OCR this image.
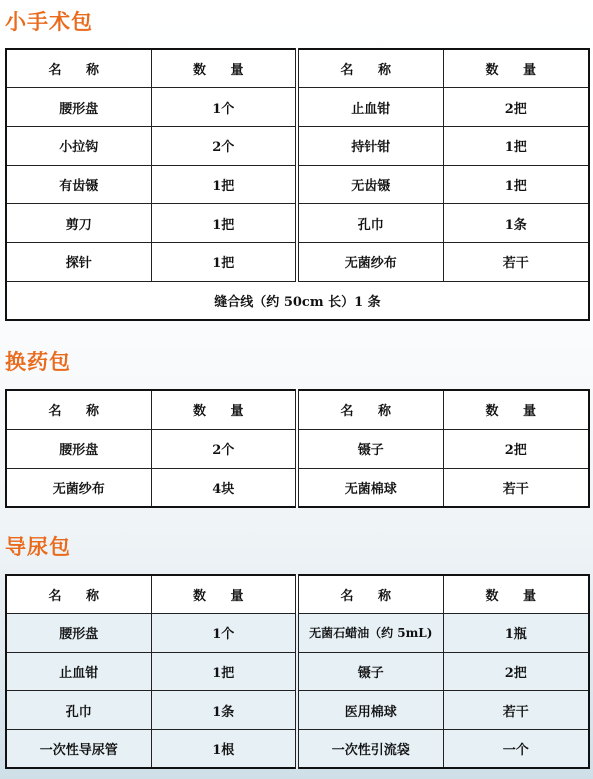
小手术包
名 称	数 量	名 称	数 量
腰形盘	1个	止血钳	2把
小拉钩	2个	持针钳	1把
有齿镊	1把	无齿镊	1把
剪刀	1把	孔巾	1条
探针	1把	无菌纱布	若干
缝合线（约 50cm 长）1 条			
换药包
名 称	数 量	名 称	数 量
腰形盘	2个	镊子	2把
无菌纱布	4块	无菌棉球	若干
导尿包
名 称	数 量	名 称	数 量
腰形盘	1个	无菌石蜡油（约 5mL)	1瓶
止血钳	1把	镊子	2把
孔巾	1条	医用棉球	若干
一次性导尿管	1根	一次性引流袋	一个
